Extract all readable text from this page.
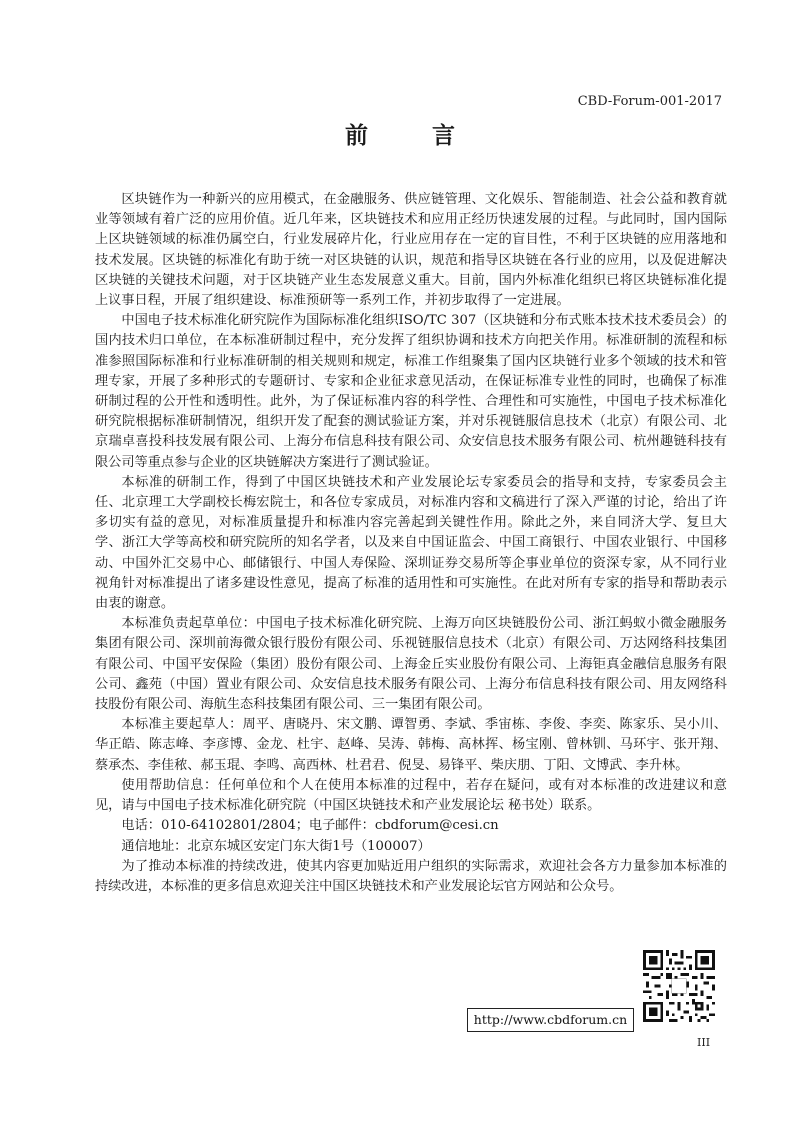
CBD-Forum-001-2017
前 言

区块链作为一种新兴的应用模式，在金融服务、供应链管理、文化娱乐、智能制造、社会公益和教育就业等领域有着广泛的应用价值。近几年来，区块链技术和应用正经历快速发展的过程。与此同时，国内国际上区块链领域的标准仍属空白，行业发展碎片化，行业应用存在一定的盲目性，不利于区块链的应用落地和技术发展。区块链的标准化有助于统一对区块链的认识，规范和指导区块链在各行业的应用，以及促进解决区块链的关键技术问题，对于区块链产业生态发展意义重大。目前，国内外标准化组织已将区块链标准化提上议事日程，开展了组织建设、标准预研等一系列工作，并初步取得了一定进展。

中国电子技术标准化研究院作为国际标准化组织ISO/TC 307（区块链和分布式账本技术技术委员会）的国内技术归口单位，在本标准研制过程中，充分发挥了组织协调和技术方向把关作用。标准研制的流程和标准参照国际标准和行业标准研制的相关规则和规定，标准工作组聚集了国内区块链行业多个领域的技术和管理专家，开展了多种形式的专题研讨、专家和企业征求意见活动，在保证标准专业性的同时，也确保了标准研制过程的公开性和透明性。此外，为了保证标准内容的科学性、合理性和可实施性，中国电子技术标准化研究院根据标准研制情况，组织开发了配套的测试验证方案，并对乐视链服信息技术（北京）有限公司、北京瑞卓喜投科技发展有限公司、上海分布信息科技有限公司、众安信息技术服务有限公司、杭州趣链科技有限公司等重点参与企业的区块链解决方案进行了测试验证。

本标准的研制工作，得到了中国区块链技术和产业发展论坛专家委员会的指导和支持，专家委员会主任、北京理工大学副校长梅宏院士，和各位专家成员，对标准内容和文稿进行了深入严谨的讨论，给出了许多切实有益的意见，对标准质量提升和标准内容完善起到关键性作用。除此之外，来自同济大学、复旦大学、浙江大学等高校和研究院所的知名学者，以及来自中国证监会、中国工商银行、中国农业银行、中国移动、中国外汇交易中心、邮储银行、中国人寿保险、深圳证券交易所等企事业单位的资深专家，从不同行业视角针对标准提出了诸多建设性意见，提高了标准的适用性和可实施性。在此对所有专家的指导和帮助表示由衷的谢意。

本标准负责起草单位：中国电子技术标准化研究院、上海万向区块链股份公司、浙江蚂蚁小微金融服务集团有限公司、深圳前海微众银行股份有限公司、乐视链服信息技术（北京）有限公司、万达网络科技集团有限公司、中国平安保险（集团）股份有限公司、上海金丘实业股份有限公司、上海钜真金融信息服务有限公司、鑫苑（中国）置业有限公司、众安信息技术服务有限公司、上海分布信息科技有限公司、用友网络科技股份有限公司、海航生态科技集团有限公司、三一集团有限公司。

本标准主要起草人：周平、唐晓丹、宋文鹏、谭智勇、李斌、季宙栋、李俊、李奕、陈家乐、吴小川、华正皓、陈志峰、李彦博、金龙、杜宇、赵峰、吴涛、韩梅、高林挥、杨宝刚、曾林钏、马环宇、张开翔、蔡承杰、李佳秾、郝玉琨、李鸣、高西林、杜君君、倪旻、易锋平、柴庆朋、丁阳、文博武、李升林。

使用帮助信息：任何单位和个人在使用本标准的过程中，若存在疑问，或有对本标准的改进建议和意见，请与中国电子技术标准化研究院（中国区块链技术和产业发展论坛 秘书处）联系。

电话：010-64102801/2804；电子邮件：cbdforum@cesi.cn

通信地址：北京东城区安定门东大街1号（100007）

为了推动本标准的持续改进，使其内容更加贴近用户组织的实际需求，欢迎社会各方力量参加本标准的持续改进，本标准的更多信息欢迎关注中国区块链技术和产业发展论坛官方网站和公众号。

http://www.cbdforum.cn
III
